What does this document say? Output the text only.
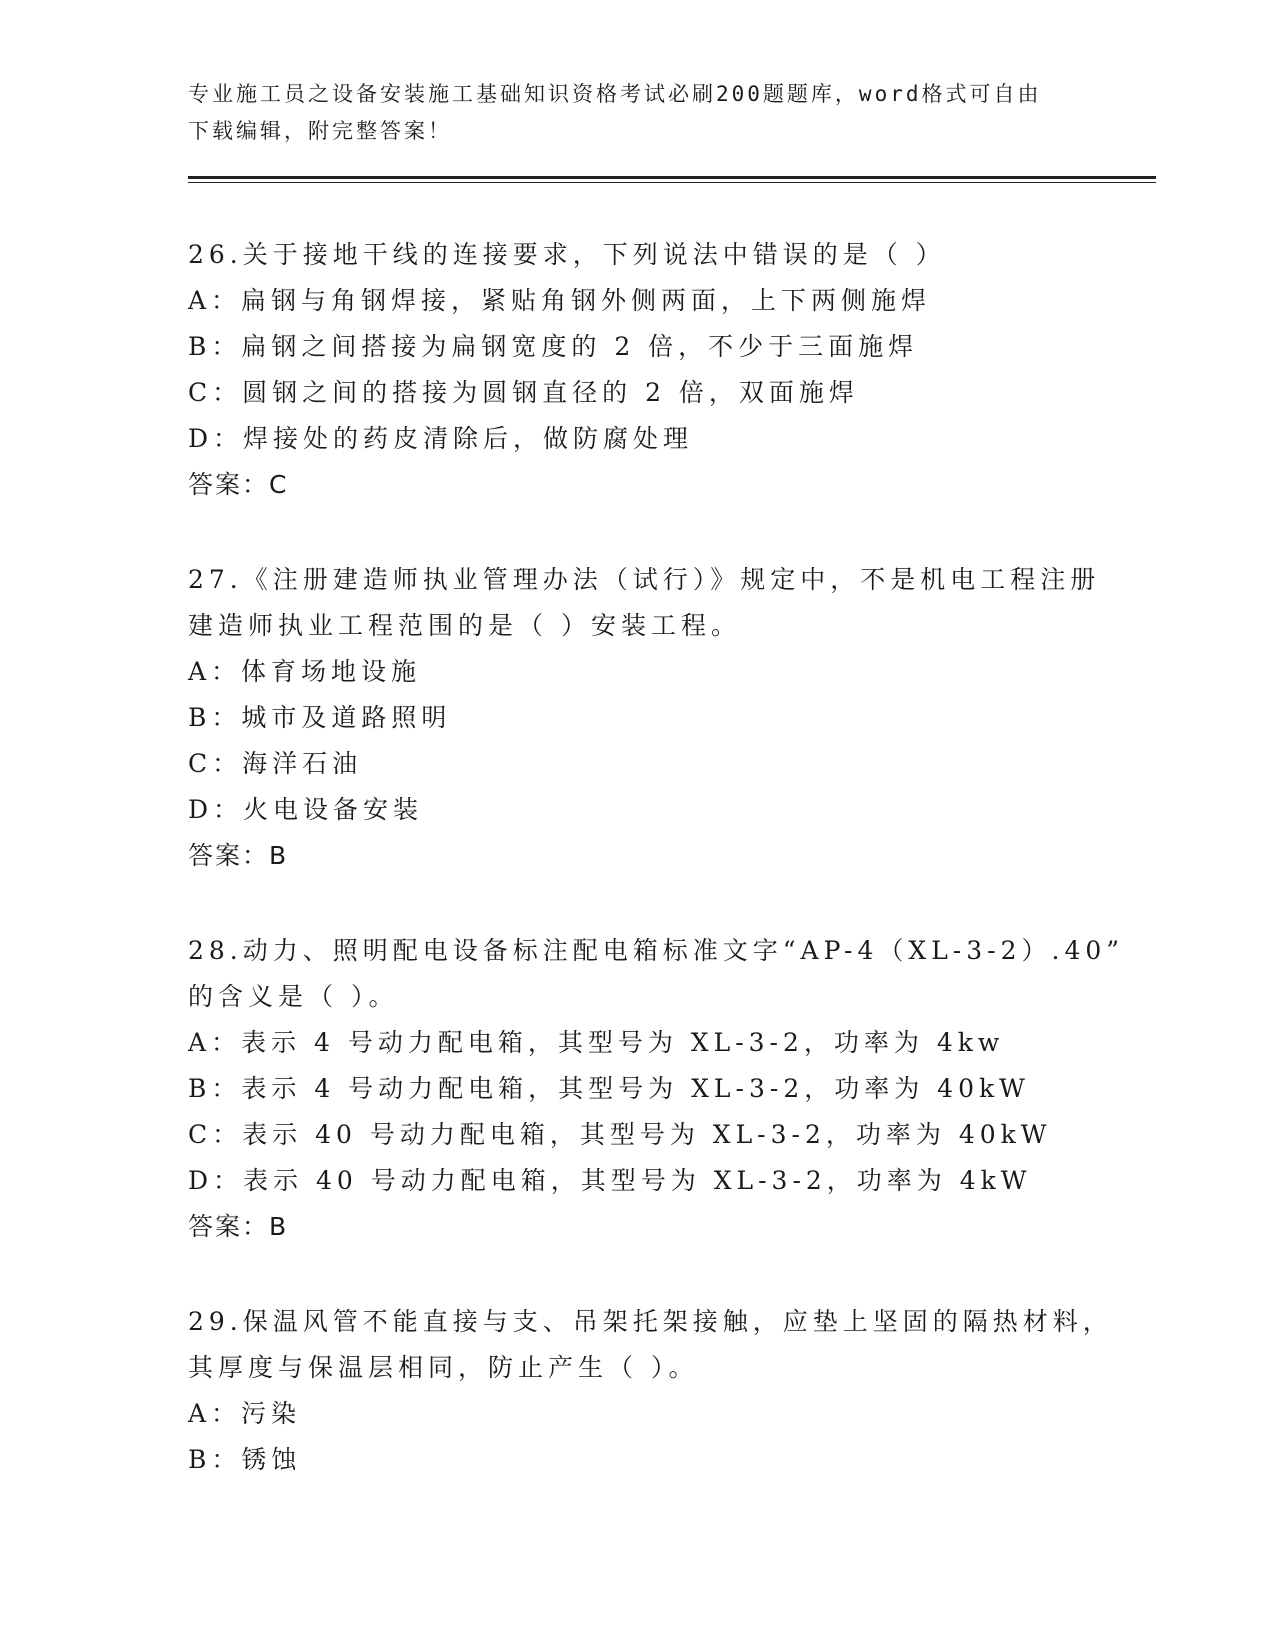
专业施工员之设备安装施工基础知识资格考试必刷200题题库，word格式可自由
下载编辑，附完整答案！
26.关于接地干线的连接要求，下列说法中错误的是（ ）
A：扁钢与角钢焊接，紧贴角钢外侧两面，上下两侧施焊
B：扁钢之间搭接为扁钢宽度的 2 倍，不少于三面施焊
C：圆钢之间的搭接为圆钢直径的 2 倍，双面施焊
D：焊接处的药皮清除后，做防腐处理
答案：C
27.《注册建造师执业管理办法（试行）》规定中，不是机电工程注册
建造师执业工程范围的是（ ）安装工程。
A：体育场地设施
B：城市及道路照明
C：海洋石油
D：火电设备安装
答案：B
28.动力、照明配电设备标注配电箱标准文字“AP-4（XL-3-2）.40”
的含义是（ ）。
A：表示 4 号动力配电箱，其型号为 XL-3-2，功率为 4kw
B：表示 4 号动力配电箱，其型号为 XL-3-2，功率为 40kW
C：表示 40 号动力配电箱，其型号为 XL-3-2，功率为 40kW
D：表示 40 号动力配电箱，其型号为 XL-3-2，功率为 4kW
答案：B
29.保温风管不能直接与支、吊架托架接触，应垫上坚固的隔热材料，
其厚度与保温层相同，防止产生（ ）。
A：污染
B：锈蚀
